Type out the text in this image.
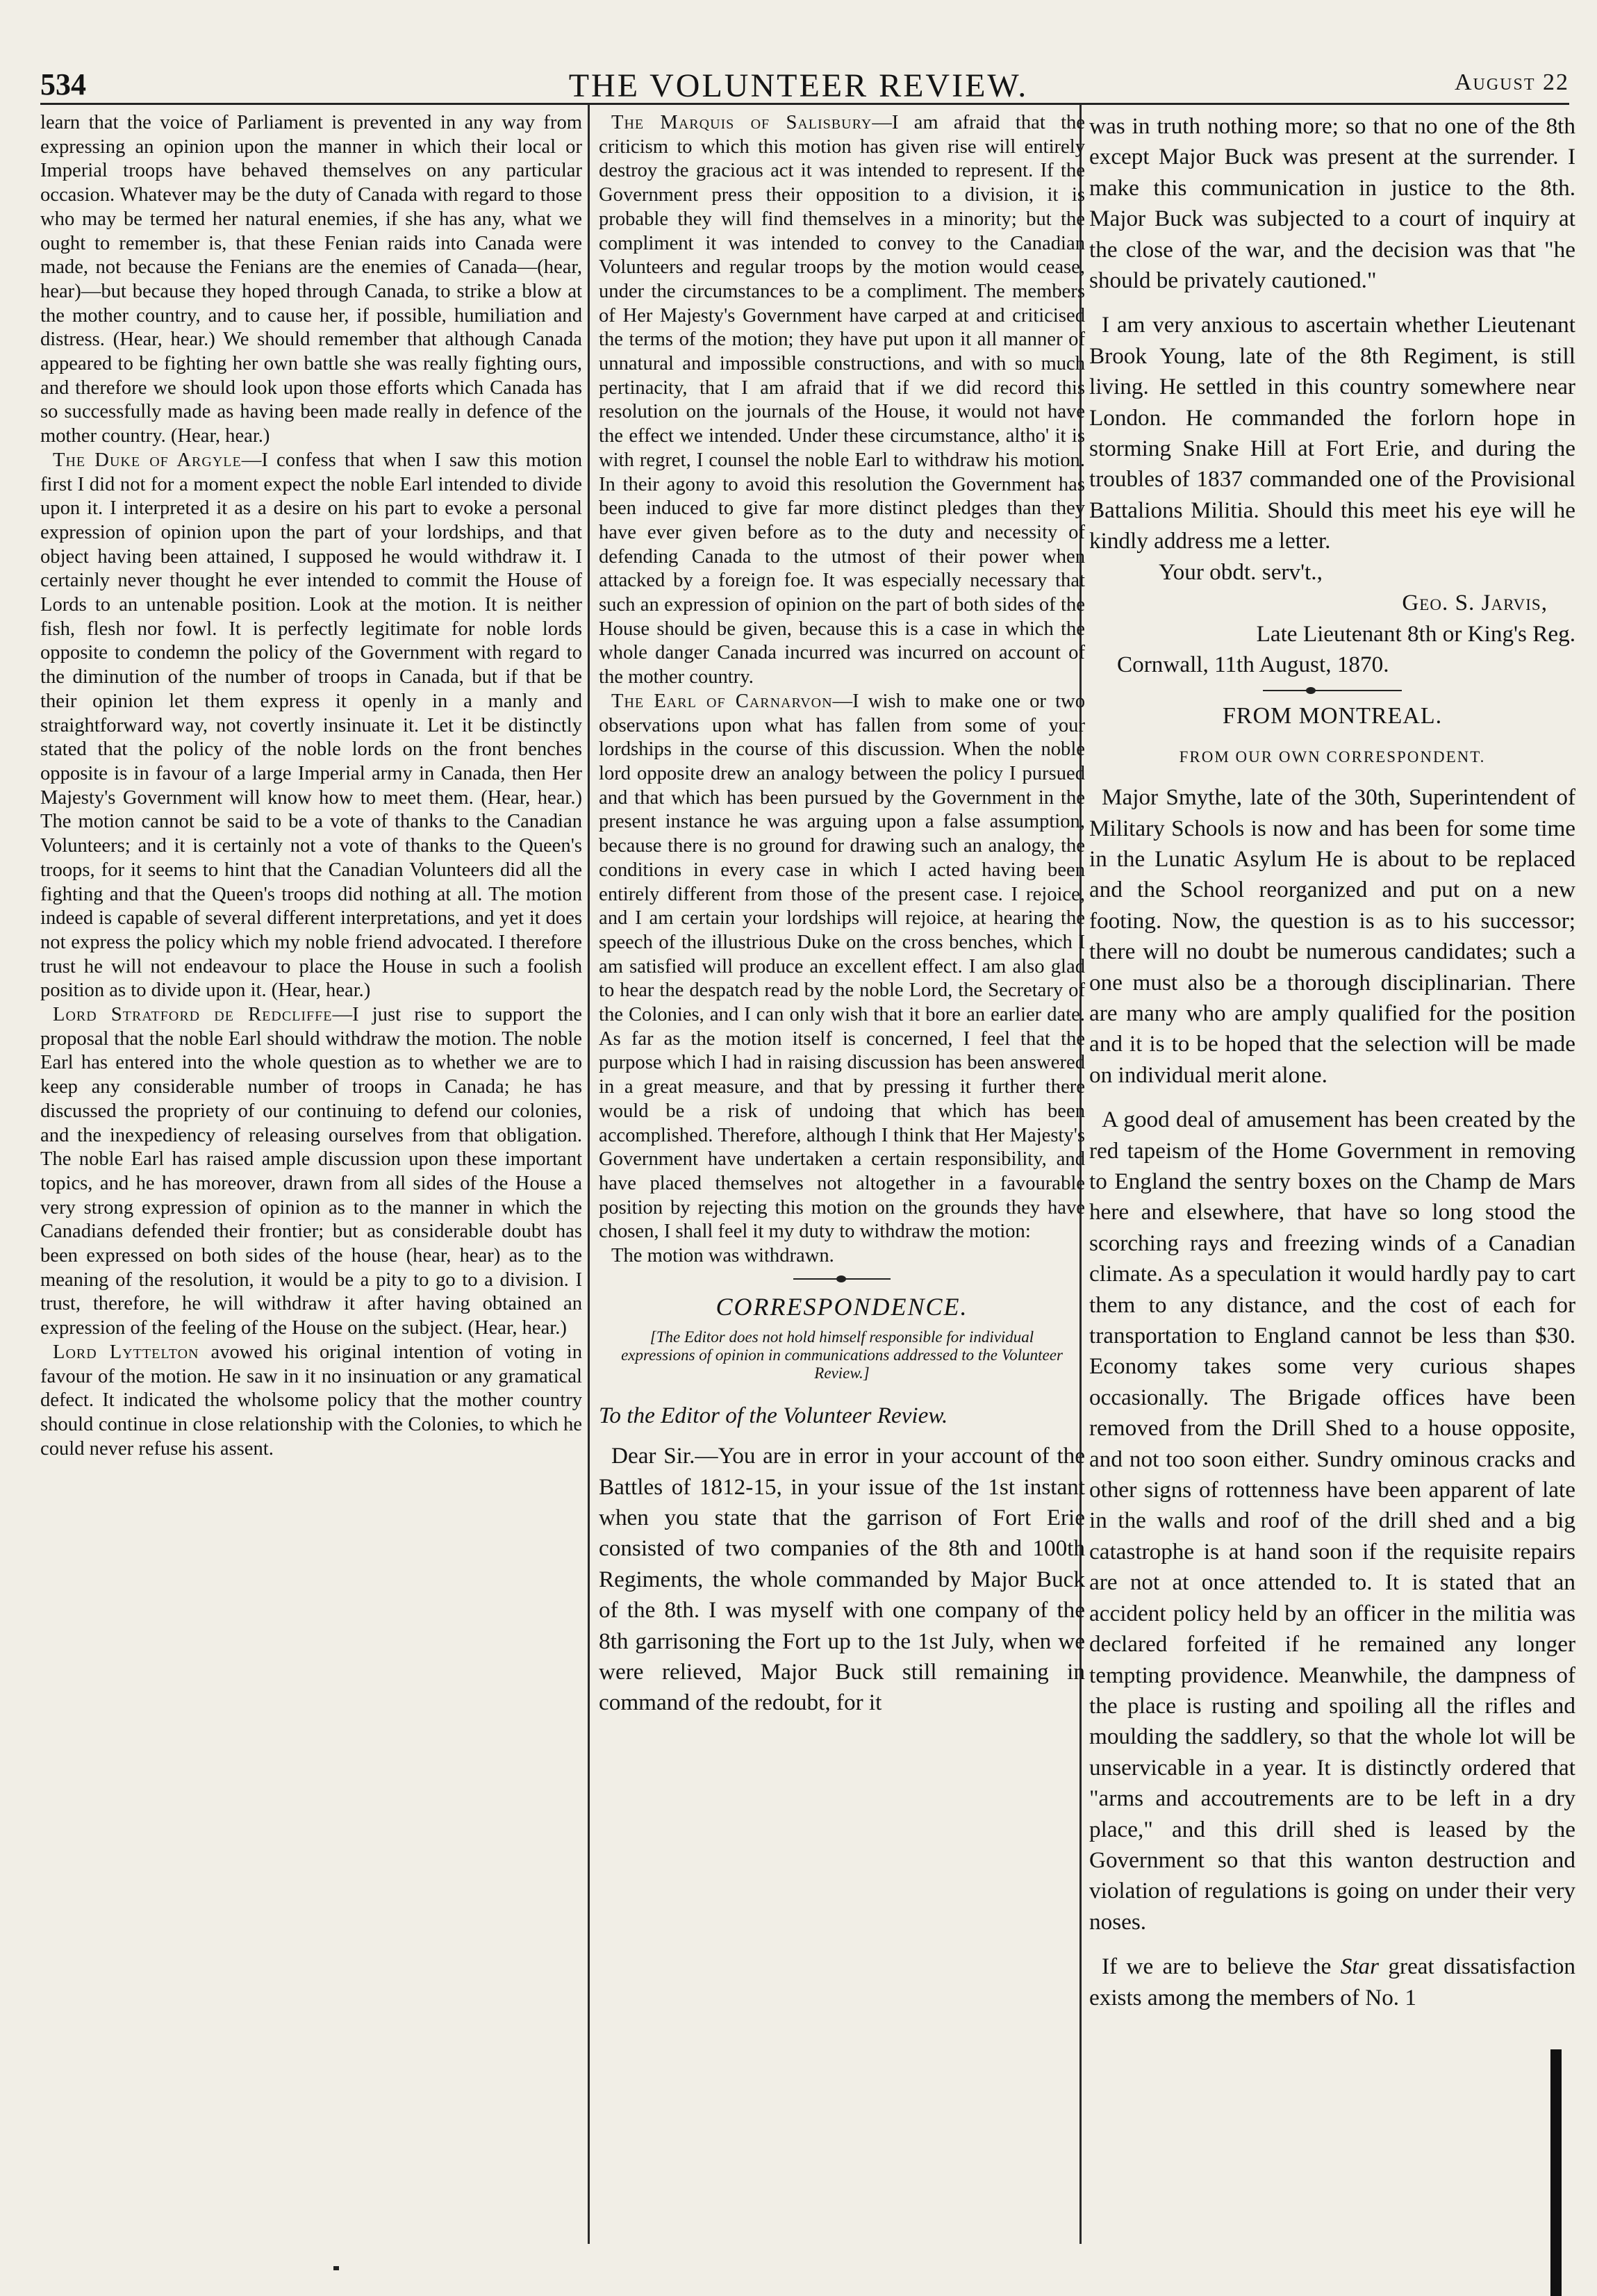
534	THE VOLUNTEER REVIEW.	August 22

learn that the voice of Parliament is prevented in any way from expressing an opinion upon the manner in which their local or Imperial troops have behaved themselves on any particular occasion. Whatever may be the duty of Canada with regard to those who may be termed her natural enemies, if she has any, what we ought to remember is, that these Fenian raids into Canada were made, not because the Fenians are the enemies of Canada—(hear, hear)—but because they hoped through Canada, to strike a blow at the mother country, and to cause her, if possible, humiliation and distress. (Hear, hear.) We should remember that although Canada appeared to be fighting her own battle she was really fighting ours, and therefore we should look upon those efforts which Canada has so successfully made as having been made really in defence of the mother country. (Hear, hear.)

The Duke of Argyle—I confess that when I saw this motion first I did not for a moment expect the noble Earl intended to divide upon it. I interpreted it as a desire on his part to evoke a personal expression of opinion upon the part of your lordships, and that object having been attained, I supposed he would withdraw it. I certainly never thought he ever intended to commit the House of Lords to an untenable position. Look at the motion. It is neither fish, flesh nor fowl. It is perfectly legitimate for noble lords opposite to condemn the policy of the Government with regard to the diminution of the number of troops in Canada, but if that be their opinion let them express it openly in a manly and straightforward way, not covertly insinuate it. Let it be distinctly stated that the policy of the noble lords on the front benches opposite is in favour of a large Imperial army in Canada, then Her Majesty's Government will know how to meet them. (Hear, hear.) The motion cannot be said to be a vote of thanks to the Canadian Volunteers; and it is certainly not a vote of thanks to the Queen's troops, for it seems to hint that the Canadian Volunteers did all the fighting and that the Queen's troops did nothing at all. The motion indeed is capable of several different interpretations, and yet it does not express the policy which my noble friend advocated. I therefore trust he will not endeavour to place the House in such a foolish position as to divide upon it. (Hear, hear.)

Lord Stratford de Redcliffe—I just rise to support the proposal that the noble Earl should withdraw the motion. The noble Earl has entered into the whole question as to whether we are to keep any considerable number of troops in Canada; he has discussed the propriety of our continuing to defend our colonies, and the inexpediency of releasing ourselves from that obligation. The noble Earl has raised ample discussion upon these important topics, and he has moreover, drawn from all sides of the House a very strong expression of opinion as to the manner in which the Canadians defended their frontier; but as considerable doubt has been expressed on both sides of the house (hear, hear) as to the meaning of the resolution, it would be a pity to go to a division. I trust, therefore, he will withdraw it after having obtained an expression of the feeling of the House on the subject. (Hear, hear.)

Lord Lyttelton avowed his original intention of voting in favour of the motion. He saw in it no insinuation or any gramatical defect. It indicated the wholsome policy that the mother country should continue in close relationship with the Colonies, to which he could never refuse his assent.

The Marquis of Salisbury—I am afraid that the criticism to which this motion has given rise will entirely destroy the gracious act it was intended to represent. If the Government press their opposition to a division, it is probable they will find themselves in a minority; but the compliment it was intended to convey to the Canadian Volunteers and regular troops by the motion would cease, under the circumstances to be a compliment. The members of Her Majesty's Government have carped at and criticised the terms of the motion; they have put upon it all manner of unnatural and impossible constructions, and with so much pertinacity, that I am afraid that if we did record this resolution on the journals of the House, it would not have the effect we intended. Under these circumstance, altho' it is with regret, I counsel the noble Earl to withdraw his motion. In their agony to avoid this resolution the Government has been induced to give far more distinct pledges than they have ever given before as to the duty and necessity of defending Canada to the utmost of their power when attacked by a foreign foe. It was especially necessary that such an expression of opinion on the part of both sides of the House should be given, because this is a case in which the whole danger Canada incurred was incurred on account of the mother country.

The Earl of Carnarvon—I wish to make one or two observations upon what has fallen from some of your lordships in the course of this discussion. When the noble lord opposite drew an analogy between the policy I pursued and that which has been pursued by the Government in the present instance he was arguing upon a false assumption, because there is no ground for drawing such an analogy, the conditions in every case in which I acted having been entirely different from those of the present case. I rejoice, and I am certain your lordships will rejoice, at hearing the speech of the illustrious Duke on the cross benches, which I am satisfied will produce an excellent effect. I am also glad to hear the despatch read by the noble Lord, the Secretary of the Colonies, and I can only wish that it bore an earlier date. As far as the motion itself is concerned, I feel that the purpose which I had in raising discussion has been answered in a great measure, and that by pressing it further there would be a risk of undoing that which has been accomplished. Therefore, although I think that Her Majesty's Government have undertaken a certain responsibility, and have placed themselves not altogether in a favourable position by rejecting this motion on the grounds they have chosen, I shall feel it my duty to withdraw the motion:

The motion was withdrawn.

CORRESPONDENCE.
[The Editor does not hold himself responsible for individual expressions of opinion in communications addressed to the Volunteer Review.]

To the Editor of the Volunteer Review.

Dear Sir.—You are in error in your account of the Battles of 1812-15, in your issue of the 1st instant when you state that the garrison of Fort Erie consisted of two companies of the 8th and 100th Regiments, the whole commanded by Major Buck of the 8th. I was myself with one company of the 8th garrisoning the Fort up to the 1st July, when we were relieved, Major Buck still remaining in command of the redoubt, for it

was in truth nothing more; so that no one of the 8th except Major Buck was present at the surrender. I make this communication in justice to the 8th. Major Buck was subjected to a court of inquiry at the close of the war, and the decision was that "he should be privately cautioned."

I am very anxious to ascertain whether Lieutenant Brook Young, late of the 8th Regiment, is still living. He settled in this country somewhere near London. He commanded the forlorn hope in storming Snake Hill at Fort Erie, and during the troubles of 1837 commanded one of the Provisional Battalions Militia. Should this meet his eye will he kindly address me a letter.

Your obdt. serv't.,

Geo. S. Jarvis,

Late Lieutenant 8th or King's Reg.

Cornwall, 11th August, 1870.

FROM MONTREAL.
FROM OUR OWN CORRESPONDENT.

Major Smythe, late of the 30th, Superintendent of Military Schools is now and has been for some time in the Lunatic Asylum He is about to be replaced and the School reorganized and put on a new footing. Now, the question is as to his successor; there will no doubt be numerous candidates; such a one must also be a thorough disciplinarian. There are many who are amply qualified for the position and it is to be hoped that the selection will be made on individual merit alone.

A good deal of amusement has been created by the red tapeism of the Home Government in removing to England the sentry boxes on the Champ de Mars here and elsewhere, that have so long stood the scorching rays and freezing winds of a Canadian climate. As a speculation it would hardly pay to cart them to any distance, and the cost of each for transportation to England cannot be less than $30. Economy takes some very curious shapes occasionally. The Brigade offices have been removed from the Drill Shed to a house opposite, and not too soon either. Sundry ominous cracks and other signs of rottenness have been apparent of late in the walls and roof of the drill shed and a big catastrophe is at hand soon if the requisite repairs are not at once attended to. It is stated that an accident policy held by an officer in the militia was declared forfeited if he remained any longer tempting providence. Meanwhile, the dampness of the place is rusting and spoiling all the rifles and moulding the saddlery, so that the whole lot will be unservicable in a year. It is distinctly ordered that "arms and accoutrements are to be left in a dry place," and this drill shed is leased by the Government so that this wanton destruction and violation of regulations is going on under their very noses.

If we are to believe the Star great dissatisfaction exists among the members of No. 1
